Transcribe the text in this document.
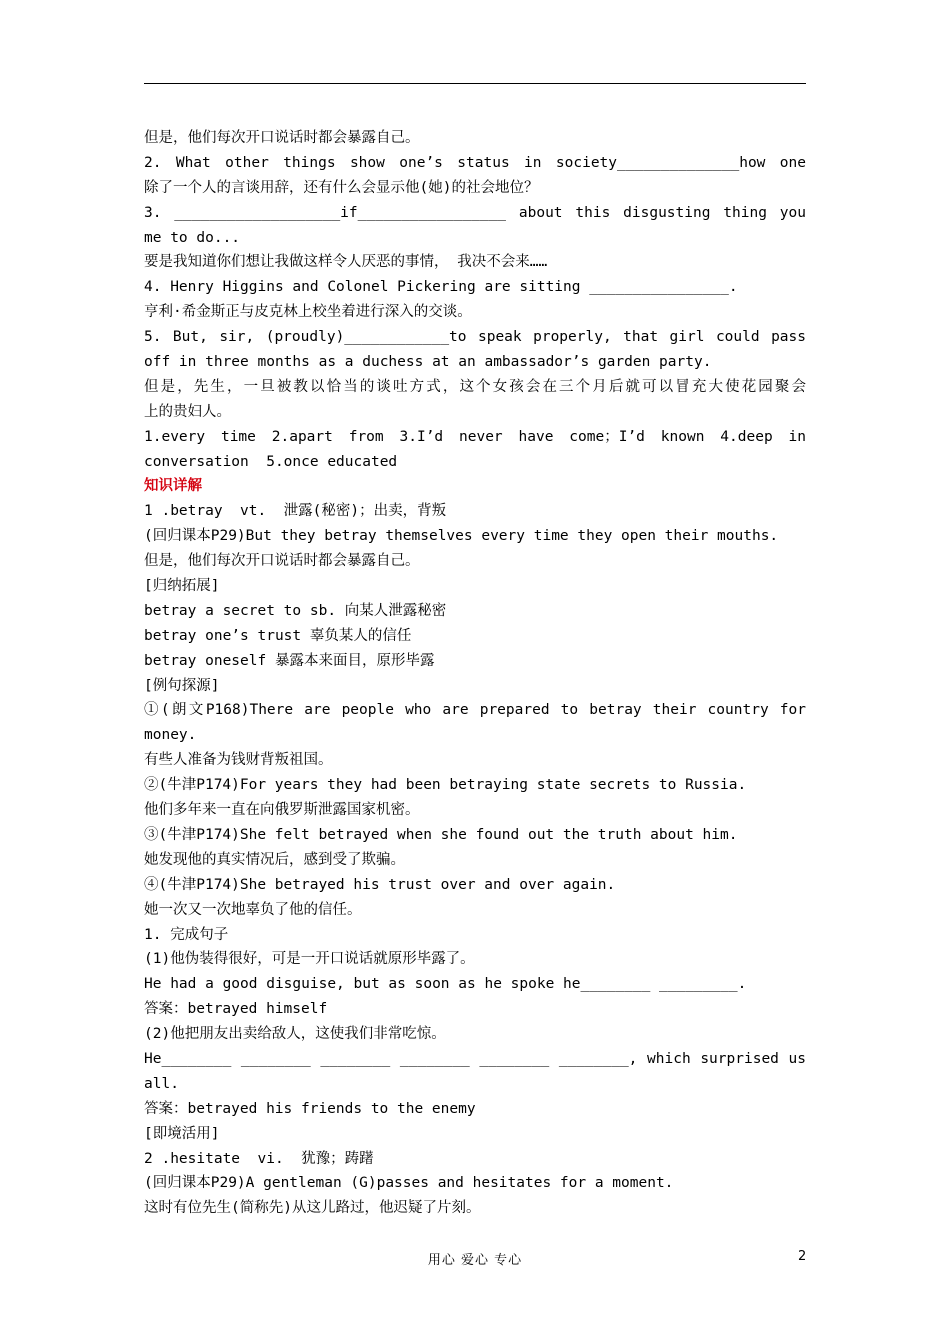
但是，他们每次开口说话时都会暴露自己。
2. What other things show one’s status in society______________how one
除了一个人的言谈用辞，还有什么会显示他(她)的社会地位？
3. ___________________if_________________ about this disgusting thing you
me to do...
要是我知道你们想让我做这样令人厌恶的事情， 我决不会来……
4. Henry Higgins and Colonel Pickering are sitting ________________.
亨利·希金斯正与皮克林上校坐着进行深入的交谈。
5. But, sir, (proudly)____________to speak properly, that girl could pass
off in three months as a duchess at an ambassador’s garden party.
但是，先生，一旦被教以恰当的谈吐方式，这个女孩会在三个月后就可以冒充大使花园聚会
上的贵妇人。
1.every time 2.apart from 3.I’d never have come；I’d known 4.deep in
conversation  5.once educated
知识详解
1 .betray  vt.  泄露(秘密)；出卖，背叛
(回归课本P29)But they betray themselves every time they open their mouths.
但是，他们每次开口说话时都会暴露自己。
[归纳拓展]
betray a secret to sb. 向某人泄露秘密
betray one’s trust 辜负某人的信任
betray oneself 暴露本来面目，原形毕露
[例句探源]
①(朗文P168)There are people who are prepared to betray their country for
money.
有些人准备为钱财背叛祖国。
②(牛津P174)For years they had been betraying state secrets to Russia.
他们多年来一直在向俄罗斯泄露国家机密。
③(牛津P174)She felt betrayed when she found out the truth about him.
她发现他的真实情况后，感到受了欺骗。
④(牛津P174)She betrayed his trust over and over again.
她一次又一次地辜负了他的信任。
1. 完成句子
(1)他伪装得很好，可是一开口说话就原形毕露了。
He had a good disguise, but as soon as he spoke he________ _________.
答案：betrayed himself
(2)他把朋友出卖给敌人，这使我们非常吃惊。
He________ ________ ________ ________ ________ ________, which surprised us
all.
答案：betrayed his friends to the enemy
[即境活用]
2 .hesitate  vi.  犹豫；踌躇
(回归课本P29)A gentleman (G)passes and hesitates for a moment.
这时有位先生(简称先)从这儿路过，他迟疑了片刻。
用心 爱心 专心	2
